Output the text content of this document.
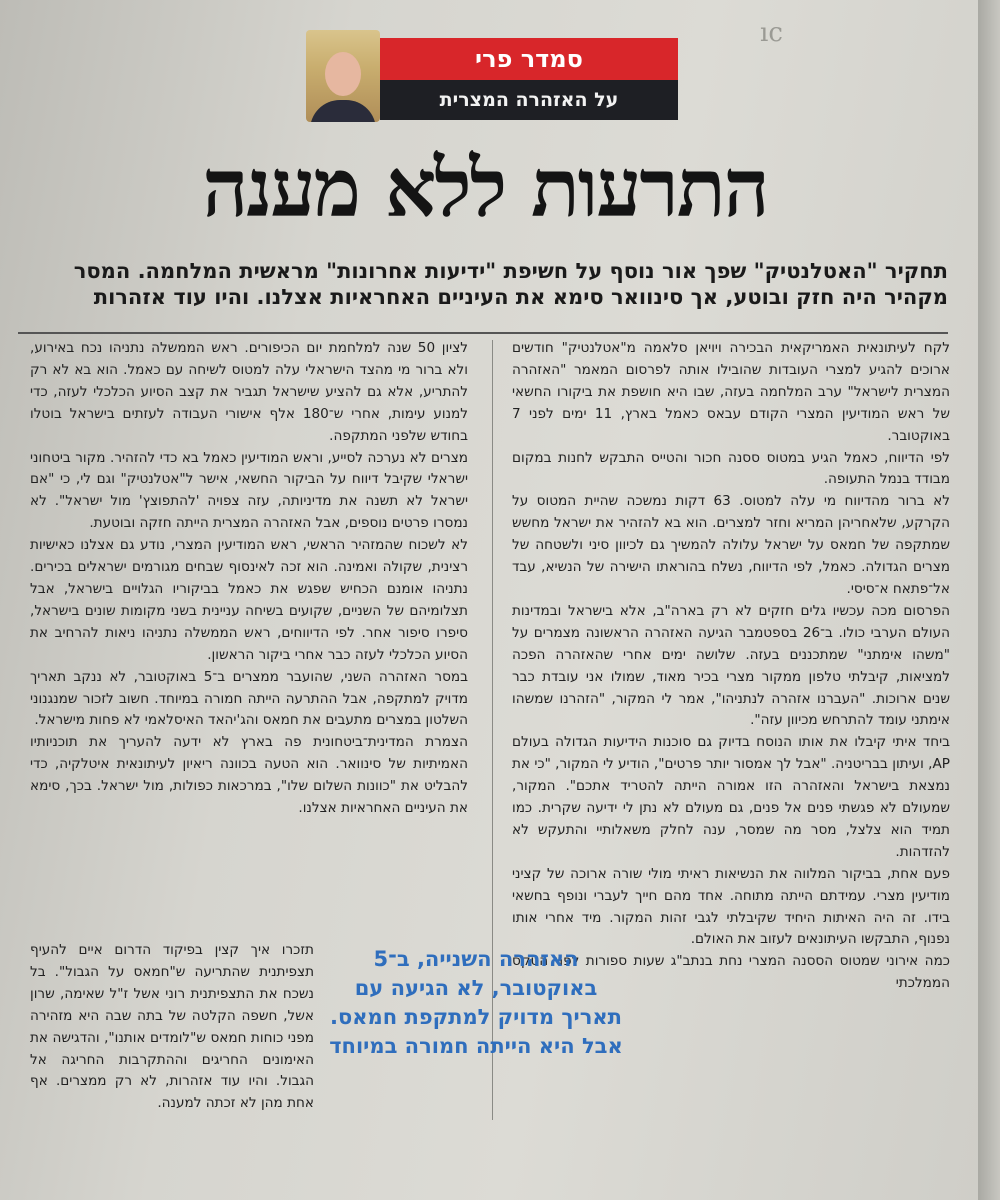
ıc
סמדר פרי
על האזהרה המצרית
התרעות ללא מענה
תחקיר "האטלנטיק" שפך אור נוסף על חשיפת "ידיעות אחרונות" מראשית המלחמה. המסר מקהיר היה חזק ובוטע, אך סינוואר סימא את העיניים האחראיות אצלנו. והיו עוד אזהרות

לקח לעיתונאית האמריקאית הבכירה ויויאן סלאמה מ"אטלנטיק" חודשים ארוכים להגיע למצרי העובדות שהובילו אותה לפרסום המאמר "האזהרה המצרית לישראל" ערב המלחמה בעזה, שבו היא חושפת את ביקורו החשאי של ראש המודיעין המצרי הקודם עבאס כאמל בארץ, 11 ימים לפני 7 באוקטובר.

לפי הדיווח, כאמל הגיע במטוס ססנה חכור והטייס התבקש לחנות במקום מבודד בנמל התעופה.

לא ברור מהדיווח מי עלה למטוס. 63 דקות נמשכה שהיית המטוס על הקרקע, שלאחריהן המריא וחזר למצרים. הוא בא להזהיר את ישראל מחשש שמתקפה של חמאס על ישראל עלולה להמשיך גם לכיוון סיני ולשטחה של מצרים הגדולה. כאמל, לפי הדיווח, נשלח בהוראתו הישירה של הנשיא, עבד אל־פתאח א־סיסי.

הפרסום מכה עכשיו גלים חזקים לא רק בארה"ב, אלא בישראל ובמדינות העולם הערבי כולו. ב־26 בספטמבר הגיעה האזהרה הראשונה מצמרים על "משהו אימתני" שמתכננים בעזה. שלושה ימים אחרי שהאזהרה הפכה למציאות, קיבלתי טלפון ממקור מצרי בכיר מאוד, שמולו אני עובדת כבר שנים ארוכות. "העברנו אזהרה לנתניהו", אמר לי המקור, "הזהרנו שמשהו אימתני עומד להתרחש מכיוון עזה".

ביחד איתי קיבלו את אותו הנוסח בדיוק גם סוכנות הידיעות הגדולה בעולם AP, ועיתון בבריטניה. "אבל לך אמסור יותר פרטים", הודיע לי המקור, "כי את נמצאת בישראל והאזהרה הזו אמורה הייתה להטריד אתכם". המקור, שמעולם לא פגשתי פנים אל פנים, גם מעולם לא נתן לי ידיעה שקרית. כמו תמיד הוא צלצל, מסר מה שמסר, ענה לחלק משאלותיי והתעקש לא להזדהות.

פעם אחת, בביקור המלווה את הנשיאות ראיתי מולי שורה ארוכה של קציני מודיעין מצרי. עמידתם הייתה מתוחה. אחד מהם חייך לעברי ונופף בחשאי בידו. זה היה האיתות היחיד שקיבלתי לגבי זהות המקור. מיד אחרי אותו נפנוף, התבקשו העיתונאים לעזוב את האולם.

כמה אירוני שמטוס הססנה המצרי נחת בנתב"ג שעות ספורות לפני הטקס הממלכתי

לציון 50 שנה למלחמת יום הכיפורים. ראש הממשלה נתניהו נכח באירוע, ולא ברור מי מהצד הישראלי עלה למטוס לשיחה עם כאמל. הוא בא לא רק להתריע, אלא גם להציע שישראל תגביר את קצב הסיוע הכלכלי לעזה, כדי למנוע עימות, אחרי ש־180 אלף אישורי העבודה לעזתים בישראל בוטלו בחודש שלפני המתקפה.

מצרים לא נערכה לסייע, וראש המודיעין כאמל בא כדי להזהיר. מקור ביטחוני ישראלי שקיבל דיווח על הביקור החשאי, אישר ל"אטלנטיק" וגם לי, כי "אם ישראל לא תשנה את מדיניותה, עזה צפויה 'להתפוצץ' מול ישראל". לא נמסרו פרטים נוספים, אבל האזהרה המצרית הייתה חזקה ובוטעת.

לא לשכוח שהמזהיר הראשי, ראש המודיעין המצרי, נודע גם אצלנו כאישיות רצינית, שקולה ואמינה. הוא זכה לאינסוף שבחים מגורמים ישראלים בכירים. נתניהו אומנם הכחיש שפגש את כאמל בביקוריו הגלויים בישראל, אבל תצלומיהם של השניים, שקועים בשיחה עניינית בשני מקומות שונים בישראל, סיפרו סיפור אחר. לפי הדיווחים, ראש הממשלה נתניהו ניאות להרחיב את הסיוע הכלכלי לעזה כבר אחרי ביקור הראשון.

במסר האזהרה השני, שהועבר ממצרים ב־5 באוקטובר, לא ננקב תאריך מדויק למתקפה, אבל ההתרעה הייתה חמורה במיוחד. חשוב לזכור שמנגנוני השלטון במצרים מתעבים את חמאס והג'יהאד האיסלאמי לא פחות מישראל.

הצמרת המדינית־ביטחונית פה בארץ לא ידעה להעריך את תוכניותיו האמיתיות של סינוואר. הוא הטעה בכוונה ריאיון לעיתונאית איטלקיה, כדי להבליט את "כוונות השלום שלו", במרכאות כפולות, מול ישראל. בכך, סימא את העיניים האחראיות אצלנו.

תזכרו איך קצין בפיקוד הדרום איים להעיף תצפיתנית שהתריעה ש"חמאס על הגבול". בל נשכח את התצפיתנית רוני אשל ז"ל שאימה, שרון אשל, חשפה הקלטה של בתה שבה היא מזהירה מפני כוחות חמאס ש"לומדים אותנו", והדגישה את האימונים החריגים וההתקרבות החריגה אל הגבול. והיו עוד אזהרות, לא רק ממצרים. אף אחת מהן לא זכתה למענה.
האזהרה השנייה, ב־5 באוקטובר, לא הגיעה עם תאריך מדויק למתקפת חמאס. אבל היא הייתה חמורה במיוחד
